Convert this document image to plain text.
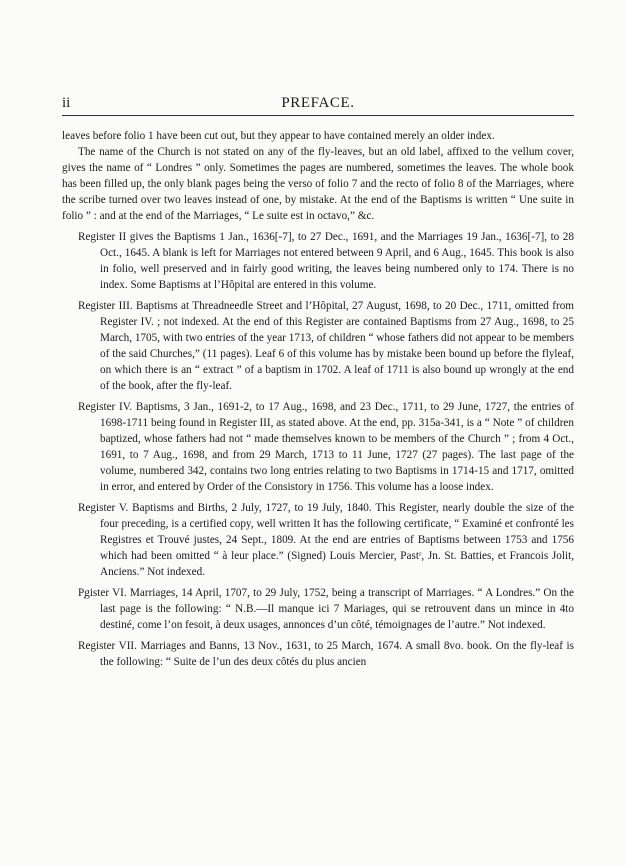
ii	PREFACE.

leaves before folio 1 have been cut out, but they appear to have contained merely an older index.

The name of the Church is not stated on any of the fly-leaves, but an old label, affixed to the vellum cover, gives the name of “ Londres ” only. Sometimes the pages are numbered, sometimes the leaves. The whole book has been filled up, the only blank pages being the verso of folio 7 and the recto of folio 8 of the Marriages, where the scribe turned over two leaves instead of one, by mistake. At the end of the Baptisms is written “ Une suite in folio ” : and at the end of the Marriages, “ Le suite est in octavo,” &c.

Register II gives the Baptisms 1 Jan., 1636[-7], to 27 Dec., 1691, and the Marriages 19 Jan., 1636[-7], to 28 Oct., 1645. A blank is left for Marriages not entered between 9 April, and 6 Aug., 1645. This book is also in folio, well preserved and in fairly good writing, the leaves being numbered only to 174. There is no index. Some Baptisms at l’Hôpital are entered in this volume.

Register III. Baptisms at Threadneedle Street and l’Hôpital, 27 August, 1698, to 20 Dec., 1711, omitted from Register IV. ; not indexed. At the end of this Register are contained Baptisms from 27 Aug., 1698, to 25 March, 1705, with two entries of the year 1713, of children “ whose fathers did not appear to be members of the said Churches,” (11 pages). Leaf 6 of this volume has by mistake been bound up before the flyleaf, on which there is an “ extract ” of a baptism in 1702. A leaf of 1711 is also bound up wrongly at the end of the book, after the fly-leaf.

Register IV. Baptisms, 3 Jan., 1691-2, to 17 Aug., 1698, and 23 Dec., 1711, to 29 June, 1727, the entries of 1698-1711 being found in Register III, as stated above. At the end, pp. 315a-341, is a “ Note ” of children baptized, whose fathers had not “ made themselves known to be members of the Church ” ; from 4 Oct., 1691, to 7 Aug., 1698, and from 29 March, 1713 to 11 June, 1727 (27 pages). The last page of the volume, numbered 342, contains two long entries relating to two Baptisms in 1714-15 and 1717, omitted in error, and entered by Order of the Consistory in 1756. This volume has a loose index.

Register V. Baptisms and Births, 2 July, 1727, to 19 July, 1840. This Register, nearly double the size of the four preceding, is a certified copy, well written It has the following certificate, “ Examiné et confronté les Registres et Trouvé justes, 24 Sept., 1809. At the end are entries of Baptisms between 1753 and 1756 which had been omitted “ à leur place.” (Signed) Louis Mercier, Pastʳ, Jn. St. Batties, et Francois Jolit, Anciens.” Not indexed.

P̦gister VI. Marriages, 14 April, 1707, to 29 July, 1752, being a transcript of Marriages. “ A Londres.” On the last page is the following: “ N.B.—Il manque ici 7 Mariages, qui se retrouvent dans un mince in 4to destiné, come l’on fesoit, à deux usages, annonces d’un côté, témoignages de l’autre.” Not indexed.

Register VII. Marriages and Banns, 13 Nov., 1631, to 25 March, 1674. A small 8vo. book. On the fly-leaf is the following: “ Suite de l’un des deux côtés du plus ancien
